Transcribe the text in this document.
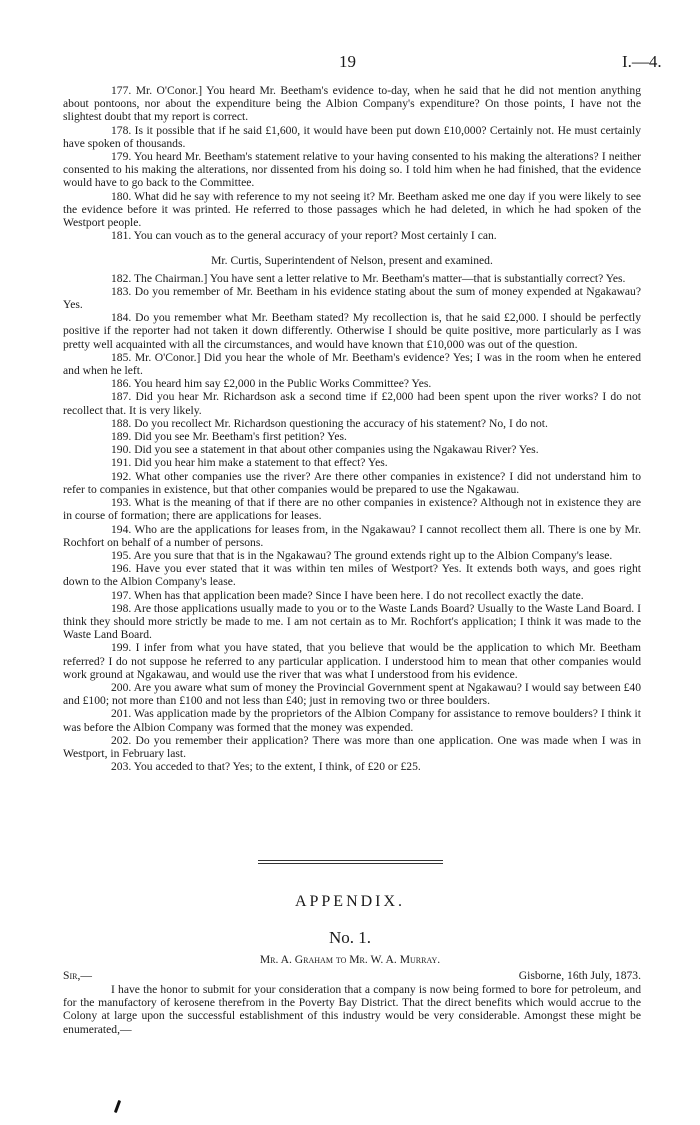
19	I.—4.

177. Mr. O'Conor.] You heard Mr. Beetham's evidence to-day, when he said that he did not mention anything about pontoons, nor about the expenditure being the Albion Company's expenditure? On those points, I have not the slightest doubt that my report is correct.

178. Is it possible that if he said £1,600, it would have been put down £10,000? Certainly not. He must certainly have spoken of thousands.

179. You heard Mr. Beetham's statement relative to your having consented to his making the alterations? I neither consented to his making the alterations, nor dissented from his doing so. I told him when he had finished, that the evidence would have to go back to the Committee.

180. What did he say with reference to my not seeing it? Mr. Beetham asked me one day if you were likely to see the evidence before it was printed. He referred to those passages which he had deleted, in which he had spoken of the Westport people.

181. You can vouch as to the general accuracy of your report? Most certainly I can.

Mr. Curtis, Superintendent of Nelson, present and examined.

182. The Chairman.] You have sent a letter relative to Mr. Beetham's matter—that is substantially correct? Yes.

183. Do you remember of Mr. Beetham in his evidence stating about the sum of money expended at Ngakawau? Yes.

184. Do you remember what Mr. Beetham stated? My recollection is, that he said £2,000. I should be perfectly positive if the reporter had not taken it down differently. Otherwise I should be quite positive, more particularly as I was pretty well acquainted with all the circumstances, and would have known that £10,000 was out of the question.

185. Mr. O'Conor.] Did you hear the whole of Mr. Beetham's evidence? Yes; I was in the room when he entered and when he left.

186. You heard him say £2,000 in the Public Works Committee? Yes.

187. Did you hear Mr. Richardson ask a second time if £2,000 had been spent upon the river works? I do not recollect that. It is very likely.

188. Do you recollect Mr. Richardson questioning the accuracy of his statement? No, I do not.

189. Did you see Mr. Beetham's first petition? Yes.

190. Did you see a statement in that about other companies using the Ngakawau River? Yes.

191. Did you hear him make a statement to that effect? Yes.

192. What other companies use the river? Are there other companies in existence? I did not understand him to refer to companies in existence, but that other companies would be prepared to use the Ngakawau.

193. What is the meaning of that if there are no other companies in existence? Although not in existence they are in course of formation; there are applications for leases.

194. Who are the applications for leases from, in the Ngakawau? I cannot recollect them all. There is one by Mr. Rochfort on behalf of a number of persons.

195. Are you sure that that is in the Ngakawau? The ground extends right up to the Albion Company's lease.

196. Have you ever stated that it was within ten miles of Westport? Yes. It extends both ways, and goes right down to the Albion Company's lease.

197. When has that application been made? Since I have been here. I do not recollect exactly the date.

198. Are those applications usually made to you or to the Waste Lands Board? Usually to the Waste Land Board. I think they should more strictly be made to me. I am not certain as to Mr. Rochfort's application; I think it was made to the Waste Land Board.

199. I infer from what you have stated, that you believe that would be the application to which Mr. Beetham referred? I do not suppose he referred to any particular application. I understood him to mean that other companies would work ground at Ngakawau, and would use the river that was what I understood from his evidence.

200. Are you aware what sum of money the Provincial Government spent at Ngakawau? I would say between £40 and £100; not more than £100 and not less than £40; just in removing two or three boulders.

201. Was application made by the proprietors of the Albion Company for assistance to remove boulders? I think it was before the Albion Company was formed that the money was expended.

202. Do you remember their application? There was more than one application. One was made when I was in Westport, in February last.

203. You acceded to that? Yes; to the extent, I think, of £20 or £25.

APPENDIX.
No. 1.
Mr. A. Graham to Mr. W. A. Murray.
Sir,—	Gisborne, 16th July, 1873.

I have the honor to submit for your consideration that a company is now being formed to bore for petroleum, and for the manufactory of kerosene therefrom in the Poverty Bay District. That the direct benefits which would accrue to the Colony at large upon the successful establishment of this industry would be very considerable. Amongst these might be enumerated,—
